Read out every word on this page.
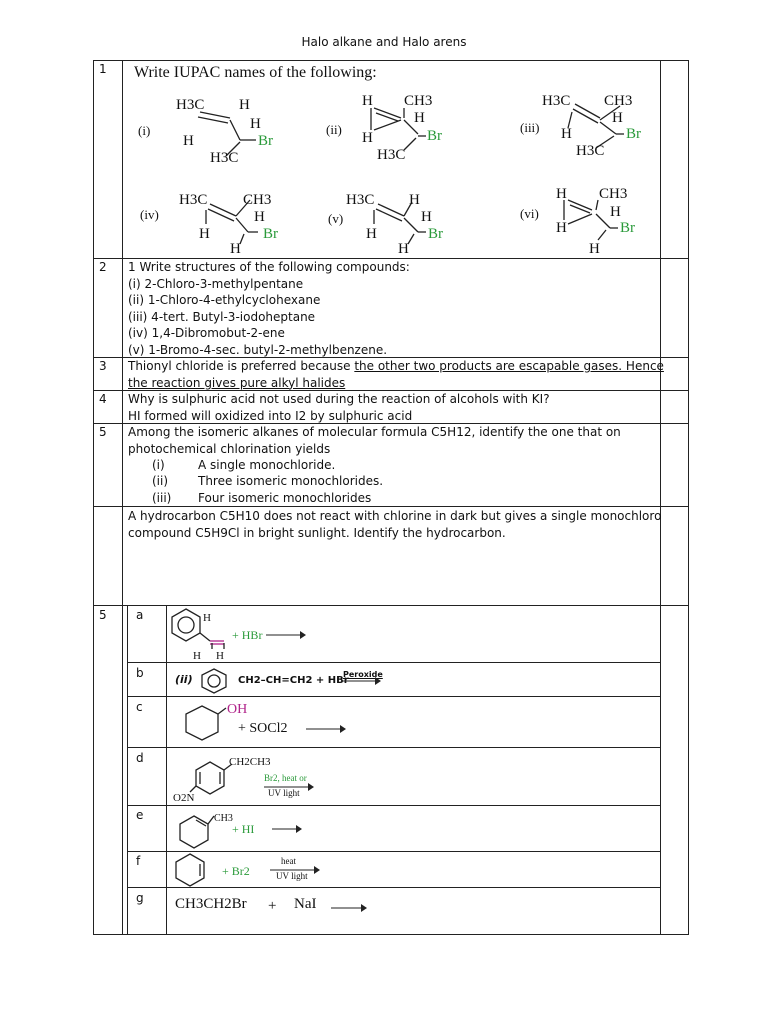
Halo alkane and Halo arens
1 Write IUPAC names of the following:
(i)
H3C H
H
H
Br
H3C
(ii)
H CH3
H
H
Br
H3C
(iii)
H3C CH3
H
H
Br
H3C
(iv)
H3C CH3
H
H
Br
H
(v)
H3C H
H
H
Br
H
(vi)
H CH3
H
H
Br
H
2 1 Write structures of the following compounds:
(i) 2-Chloro-3-methylpentane
(ii) 1-Chloro-4-ethylcyclohexane
(iii) 4-tert. Butyl-3-iodoheptane
(iv) 1,4-Dibromobut-2-ene
(v) 1-Bromo-4-sec. butyl-2-methylbenzene.
3 Thionyl chloride is preferred because the other two products are escapable gases. Hence
the reaction gives pure alkyl halides
4 Why is sulphuric acid not used during the reaction of alcohols with KI?
HI formed will oxidized into I2 by sulphuric acid
5 Among the isomeric alkanes of molecular formula C5H12, identify the one that on
photochemical chlorination yields
(i)	A single monochloride.
(ii) Three isomeric monochlorides.
(iii) Four isomeric monochlorides
A hydrocarbon C5H10 does not react with chlorine in dark but gives a single monochloro
compound C5H9Cl in bright sunlight. Identify the hydrocarbon.
5 a	H
H H
+ HBr →
b	(ii)	CH2–CH=CH2 + HBr
Peroxide
c	OH
+ SOCl2 →
d	CH2CH3
O2N
Br2, heat or
UV light
e	CH3
+ HI →
f
+ Br2
heat
UV light
g CH3CH2Br + NaI →
